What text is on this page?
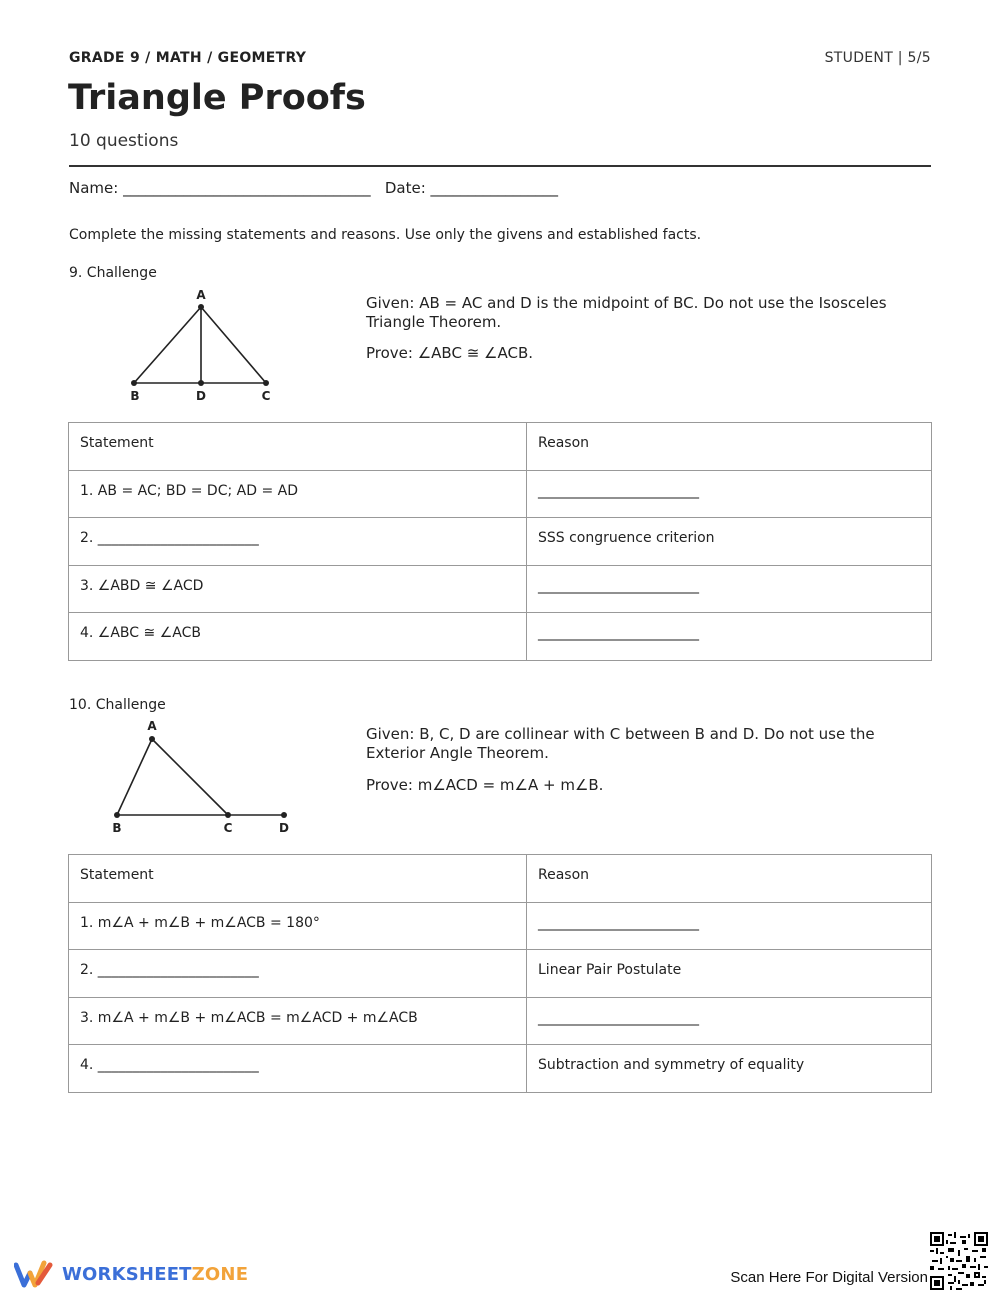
GRADE 9 / MATH / GEOMETRY	STUDENT | 5/5
Triangle Proofs
10 questions
Name: _________________________________   Date: _________________
Complete the missing statements and reasons. Use only the givens and established facts.
9. Challenge
A
B	D	C
Given: AB = AC and D is the midpoint of BC. Do not use the Isosceles Triangle Theorem.
Prove: ∠ABC ≅ ∠ACB.
Statement	Reason
1. AB = AC; BD = DC; AD = AD	_______________________
2. _______________________	SSS congruence criterion
3. ∠ABD ≅ ∠ACD	_______________________
4. ∠ABC ≅ ∠ACB	_______________________
10. Challenge
A
B	C	D
Given: B, C, D are collinear with C between B and D. Do not use the Exterior Angle Theorem.
Prove: m∠ACD = m∠A + m∠B.
Statement	Reason
1. m∠A + m∠B + m∠ACB = 180°	_______________________
2. _______________________	Linear Pair Postulate
3. m∠A + m∠B + m∠ACB = m∠ACD + m∠ACB	_______________________
4. _______________________	Subtraction and symmetry of equality
WORKSHEETZONE	Scan Here For Digital Version
